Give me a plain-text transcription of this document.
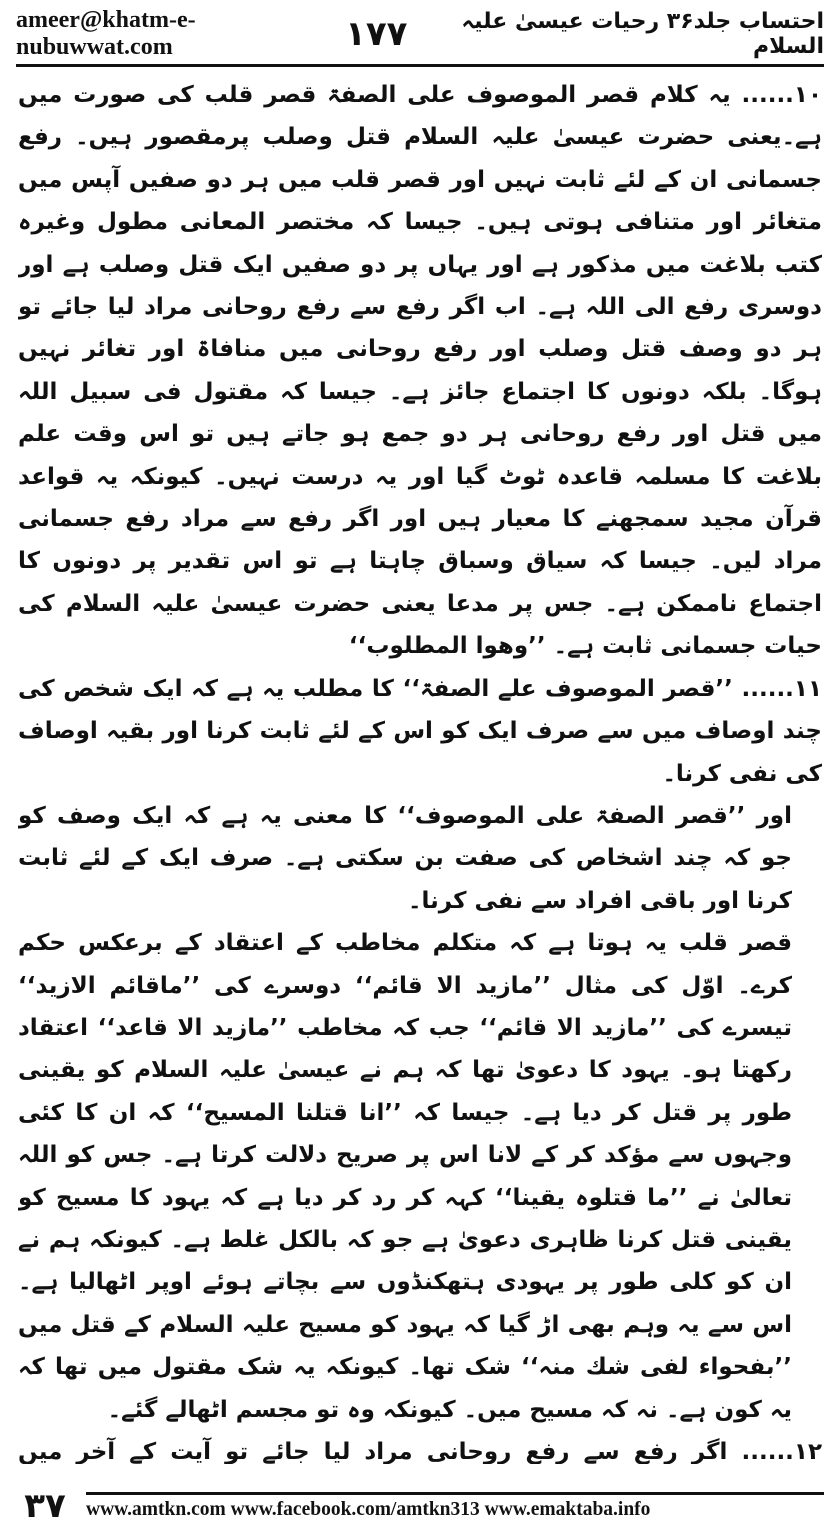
ameer@khatm-e-nubuwwat.com	۱۷۷	احتساب جلد۳۶ رحیات عیسیٰ علیہ السلام

۱۰...... یہ کلام قصر الموصوف علی الصفۃ قصر قلب کی صورت میں ہے۔یعنی حضرت عیسیٰ علیہ السلام قتل وصلب پرمقصور ہیں۔ رفع جسمانی ان کے لئے ثابت نہیں اور قصر قلب میں ہر دو صفیں آپس میں متغائر اور متنافی ہوتی ہیں۔ جیسا کہ مختصر المعانی مطول وغیرہ کتب بلاغت میں مذکور ہے اور یہاں پر دو صفیں ایک قتل وصلب ہے اور دوسری رفع الی اللہ ہے۔ اب اگر رفع سے رفع روحانی مراد لیا جائے تو ہر دو وصف قتل وصلب اور رفع روحانی میں منافاۃ اور تغائر نہیں ہوگا۔ بلکہ دونوں کا اجتماع جائز ہے۔ جیسا کہ مقتول فی سبیل اللہ میں قتل اور رفع روحانی ہر دو جمع ہو جاتے ہیں تو اس وقت علم بلاغت کا مسلمہ قاعدہ ٹوٹ گیا اور یہ درست نہیں۔ کیونکہ یہ قواعد قرآن مجید سمجھنے کا معیار ہیں اور اگر رفع سے مراد رفع جسمانی مراد لیں۔ جیسا کہ سیاق وسباق چاہتا ہے تو اس تقدیر پر دونوں کا اجتماع ناممکن ہے۔ جس پر مدعا یعنی حضرت عیسیٰ علیہ السلام کی حیات جسمانی ثابت ہے۔ ’’وھوا المطلوب‘‘

۱۱...... ’’قصر الموصوف علے الصفۃ‘‘ کا مطلب یہ ہے کہ ایک شخص کی چند اوصاف میں سے صرف ایک کو اس کے لئے ثابت کرنا اور بقیہ اوصاف کی نفی کرنا۔

اور ’’قصر الصفۃ علی الموصوف‘‘ کا معنی یہ ہے کہ ایک وصف کو جو کہ چند اشخاص کی صفت بن سکتی ہے۔ صرف ایک کے لئے ثابت کرنا اور باقی افراد سے نفی کرنا۔

قصر قلب یہ ہوتا ہے کہ متکلم مخاطب کے اعتقاد کے برعکس حکم کرے۔ اوّل کی مثال ’’مازید الا قائم‘‘ دوسرے کی ’’ماقائم الازید‘‘ تیسرے کی ’’مازید الا قائم‘‘ جب کہ مخاطب ’’مازید الا قاعد‘‘ اعتقاد رکھتا ہو۔ یہود کا دعویٰ تھا کہ ہم نے عیسیٰ علیہ السلام کو یقینی طور پر قتل کر دیا ہے۔ جیسا کہ ’’انا قتلنا المسیح‘‘ کہ ان کا کئی وجہوں سے مؤکد کر کے لانا اس پر صریح دلالت کرتا ہے۔ جس کو اللہ تعالیٰ نے ’’ما قتلوہ یقینا‘‘ کہہ کر رد کر دیا ہے کہ یہود کا مسیح کو یقینی قتل کرنا ظاہری دعویٰ ہے جو کہ بالکل غلط ہے۔ کیونکہ ہم نے ان کو کلی طور پر یہودی ہتھکنڈوں سے بچاتے ہوئے اوپر اٹھالیا ہے۔ اس سے یہ وہم بھی اڑ گیا کہ یہود کو مسیح علیہ السلام کے قتل میں ’’بفحواء لفی شك منہ‘‘ شک تھا۔ کیونکہ یہ شک مقتول میں تھا کہ یہ کون ہے۔ نہ کہ مسیح میں۔ کیونکہ وہ تو مجسم اٹھالے گئے۔

۱۲...... اگر رفع سے رفع روحانی مراد لیا جائے تو آیت کے آخر میں

۳۷	www.amtkn.com www.facebook.com/amtkn313 www.emaktaba.info
